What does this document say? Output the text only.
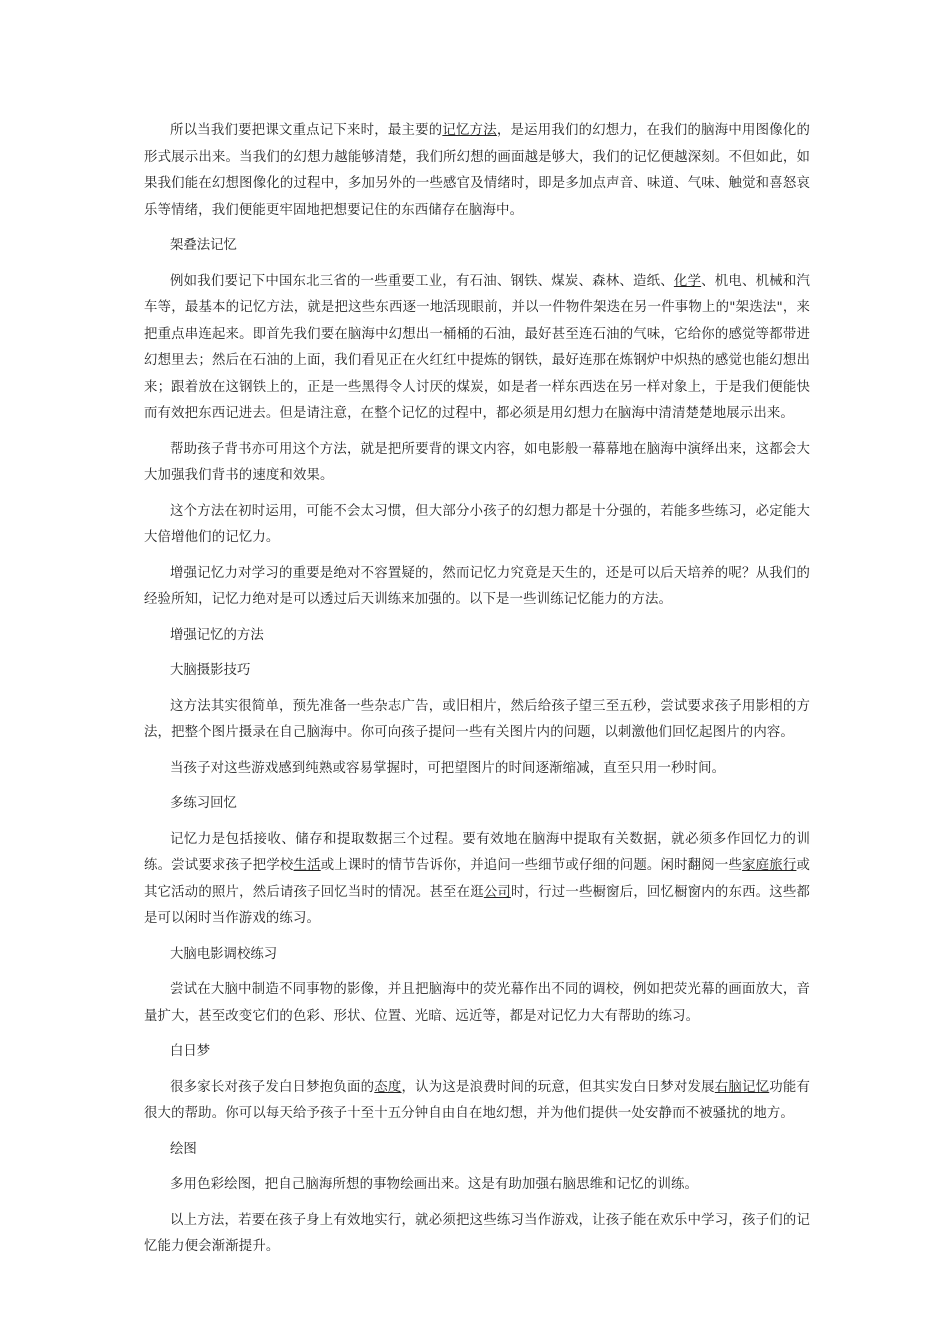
所以当我们要把课文重点记下来时，最主要的记忆方法，是运用我们的幻想力，在我们的脑海中用图像化的形式展示出来。当我们的幻想力越能够清楚，我们所幻想的画面越是够大，我们的记忆便越深刻。不但如此，如果我们能在幻想图像化的过程中，多加另外的一些感官及情绪时，即是多加点声音、味道、气味、触觉和喜怒哀乐等情绪，我们便能更牢固地把想要记住的东西储存在脑海中。

架叠法记忆

例如我们要记下中国东北三省的一些重要工业，有石油、钢铁、煤炭、森林、造纸、化学、机电、机械和汽车等，最基本的记忆方法，就是把这些东西逐一地活现眼前，并以一件物件架迭在另一件事物上的"架迭法"，来把重点串连起来。即首先我们要在脑海中幻想出一桶桶的石油，最好甚至连石油的气味，它给你的感觉等都带进幻想里去；然后在石油的上面，我们看见正在火红红中提炼的钢铁，最好连那在炼钢炉中炽热的感觉也能幻想出来；跟着放在这钢铁上的，正是一些黑得令人讨厌的煤炭，如是者一样东西迭在另一样对象上，于是我们便能快而有效把东西记进去。但是请注意，在整个记忆的过程中，都必须是用幻想力在脑海中清清楚楚地展示出来。

帮助孩子背书亦可用这个方法，就是把所要背的课文内容，如电影般一幕幕地在脑海中演绎出来，这都会大大加强我们背书的速度和效果。

这个方法在初时运用，可能不会太习惯，但大部分小孩子的幻想力都是十分强的，若能多些练习，必定能大大倍增他们的记忆力。

增强记忆力对学习的重要是绝对不容置疑的，然而记忆力究竟是天生的，还是可以后天培养的呢？从我们的经验所知，记忆力绝对是可以透过后天训练来加强的。以下是一些训练记忆能力的方法。

增强记忆的方法

大脑摄影技巧

这方法其实很简单，预先准备一些杂志广告，或旧相片，然后给孩子望三至五秒，尝试要求孩子用影相的方法，把整个图片摄录在自己脑海中。你可向孩子提问一些有关图片内的问题，以刺激他们回忆起图片的内容。

当孩子对这些游戏感到纯熟或容易掌握时，可把望图片的时间逐渐缩减，直至只用一秒时间。

多练习回忆

记忆力是包括接收、储存和提取数据三个过程。要有效地在脑海中提取有关数据，就必须多作回忆力的训练。尝试要求孩子把学校生活或上课时的情节告诉你，并追问一些细节或仔细的问题。闲时翻阅一些家庭旅行或其它活动的照片，然后请孩子回忆当时的情况。甚至在逛公司时，行过一些橱窗后，回忆橱窗内的东西。这些都是可以闲时当作游戏的练习。

大脑电影调校练习

尝试在大脑中制造不同事物的影像，并且把脑海中的荧光幕作出不同的调校，例如把荧光幕的画面放大，音量扩大，甚至改变它们的色彩、形状、位置、光暗、远近等，都是对记忆力大有帮助的练习。

白日梦

很多家长对孩子发白日梦抱负面的态度，认为这是浪费时间的玩意，但其实发白日梦对发展右脑记忆功能有很大的帮助。你可以每天给予孩子十至十五分钟自由自在地幻想，并为他们提供一处安静而不被骚扰的地方。

绘图

多用色彩绘图，把自己脑海所想的事物绘画出来。这是有助加强右脑思维和记忆的训练。

以上方法，若要在孩子身上有效地实行，就必须把这些练习当作游戏，让孩子能在欢乐中学习，孩子们的记忆能力便会渐渐提升。
